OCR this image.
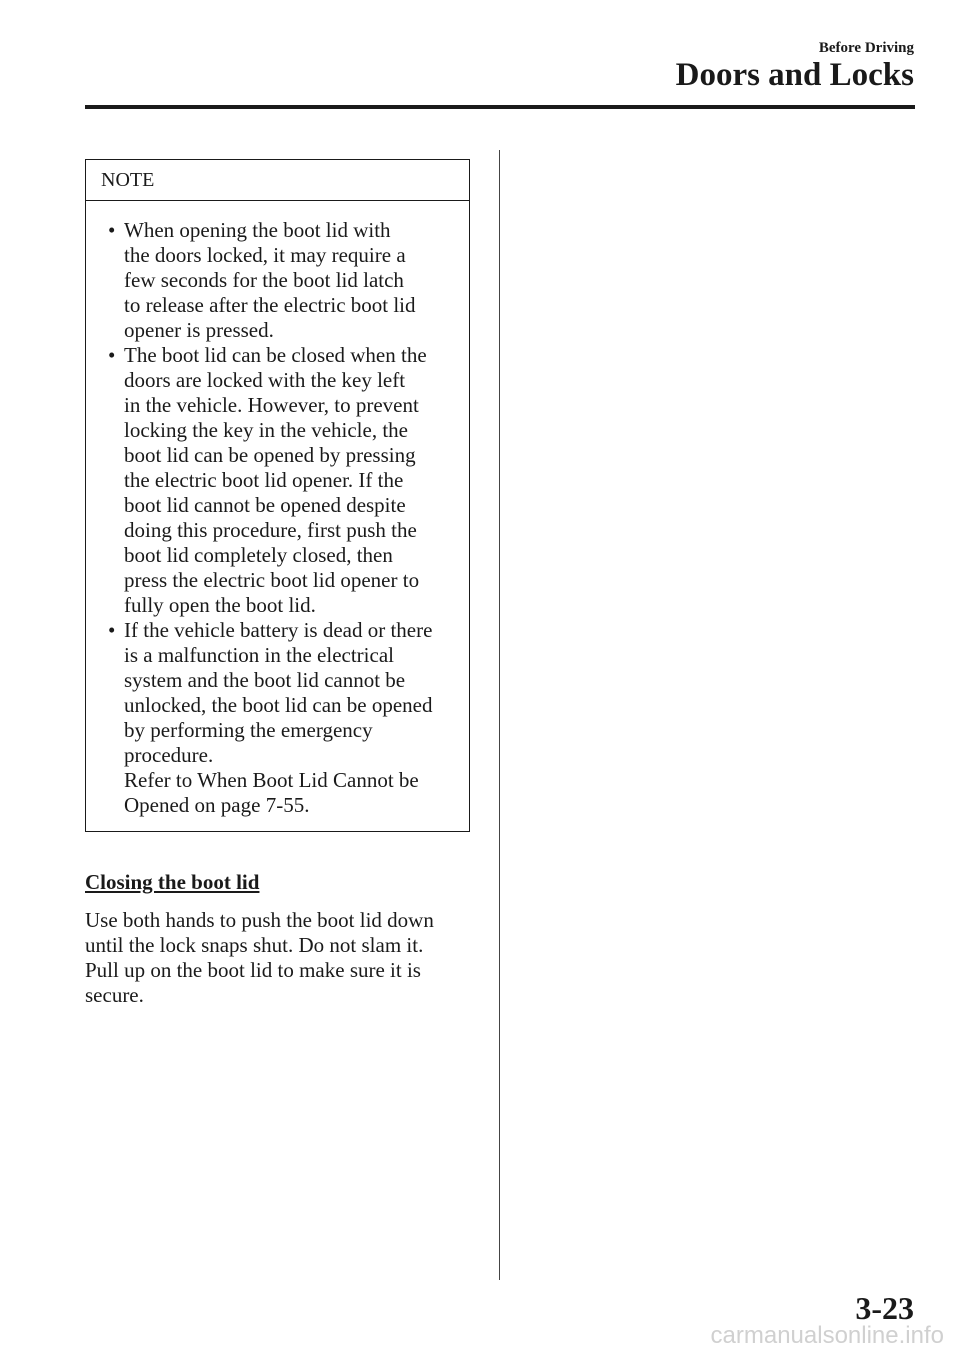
Before Driving
Doors and Locks
NOTE
• When opening the boot lid with
the doors locked, it may require a
few seconds for the boot lid latch
to release after the electric boot lid
opener is pressed.
• The boot lid can be closed when the
doors are locked with the key left
in the vehicle. However, to prevent
locking the key in the vehicle, the
boot lid can be opened by pressing
the electric boot lid opener. If the
boot lid cannot be opened despite
doing this procedure, first push the
boot lid completely closed, then
press the electric boot lid opener to
fully open the boot lid.
• If the vehicle battery is dead or there
is a malfunction in the electrical
system and the boot lid cannot be
unlocked, the boot lid can be opened
by performing the emergency
procedure.
Refer to When Boot Lid Cannot be
Opened on page 7-55.
Closing the boot lid
Use both hands to push the boot lid down
until the lock snaps shut. Do not slam it.
Pull up on the boot lid to make sure it is
secure.
3-23
carmanualsonline.info
